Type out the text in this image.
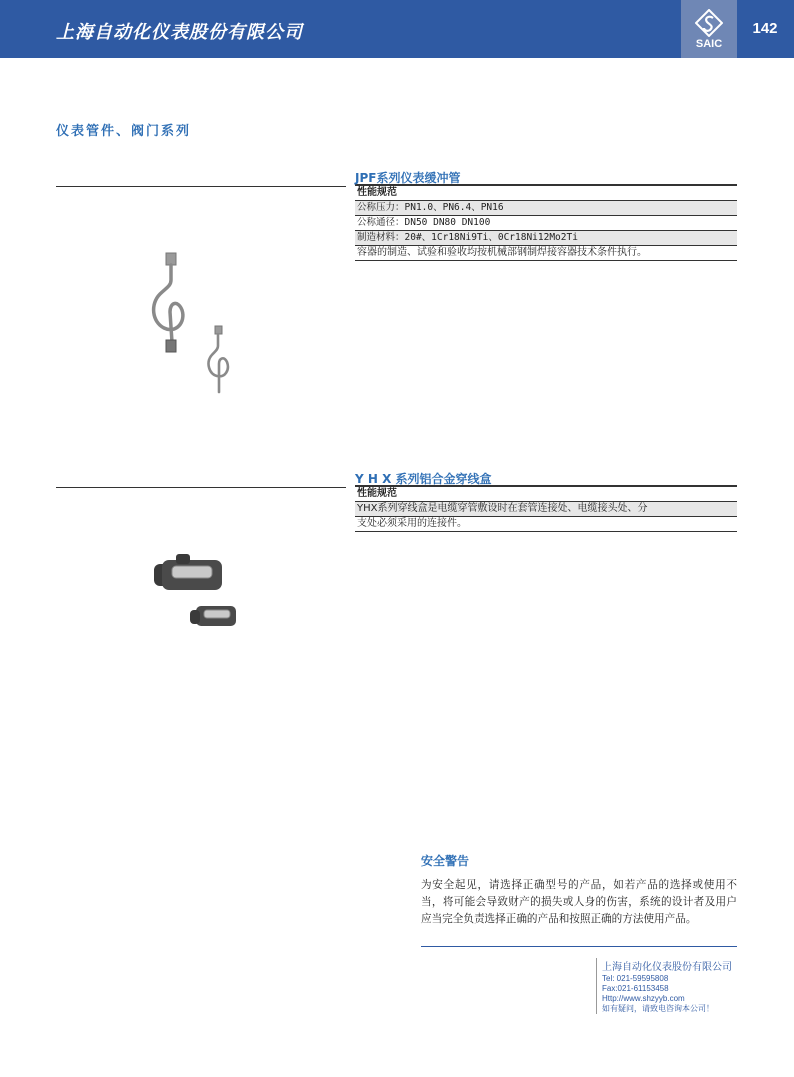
上海自动化仪表股份有限公司
SAIC
142
仪表管件、阀门系列
JPF系列仪表缓冲管
性能规范
公称压力：PN1.0、PN6.4、PN16
公称通径：DN50 DN80 DN100
制造材料：20#、1Cr18Ni9Ti、0Cr18Ni12Mo2Ti
容器的制造、试验和验收均按机械部钢制焊接容器技术条件执行。
Y H X 系列铝合金穿线盒
性能规范
YHX系列穿线盒是电缆穿管敷设时在套管连接处、电缆接头处、分
支处必须采用的连接件。
安全警告
为安全起见，请选择正确型号的产品，如若产品的选择或使用不当，将可能会导致财产的损失或人身的伤害，系统的设计者及用户应当完全负责选择正确的产品和按照正确的方法使用产品。
上海自动化仪表股份有限公司
Tel: 021-59595808
Fax:021-61153458
Http://www.shzyyb.com
如有疑问，请致电咨询本公司！
